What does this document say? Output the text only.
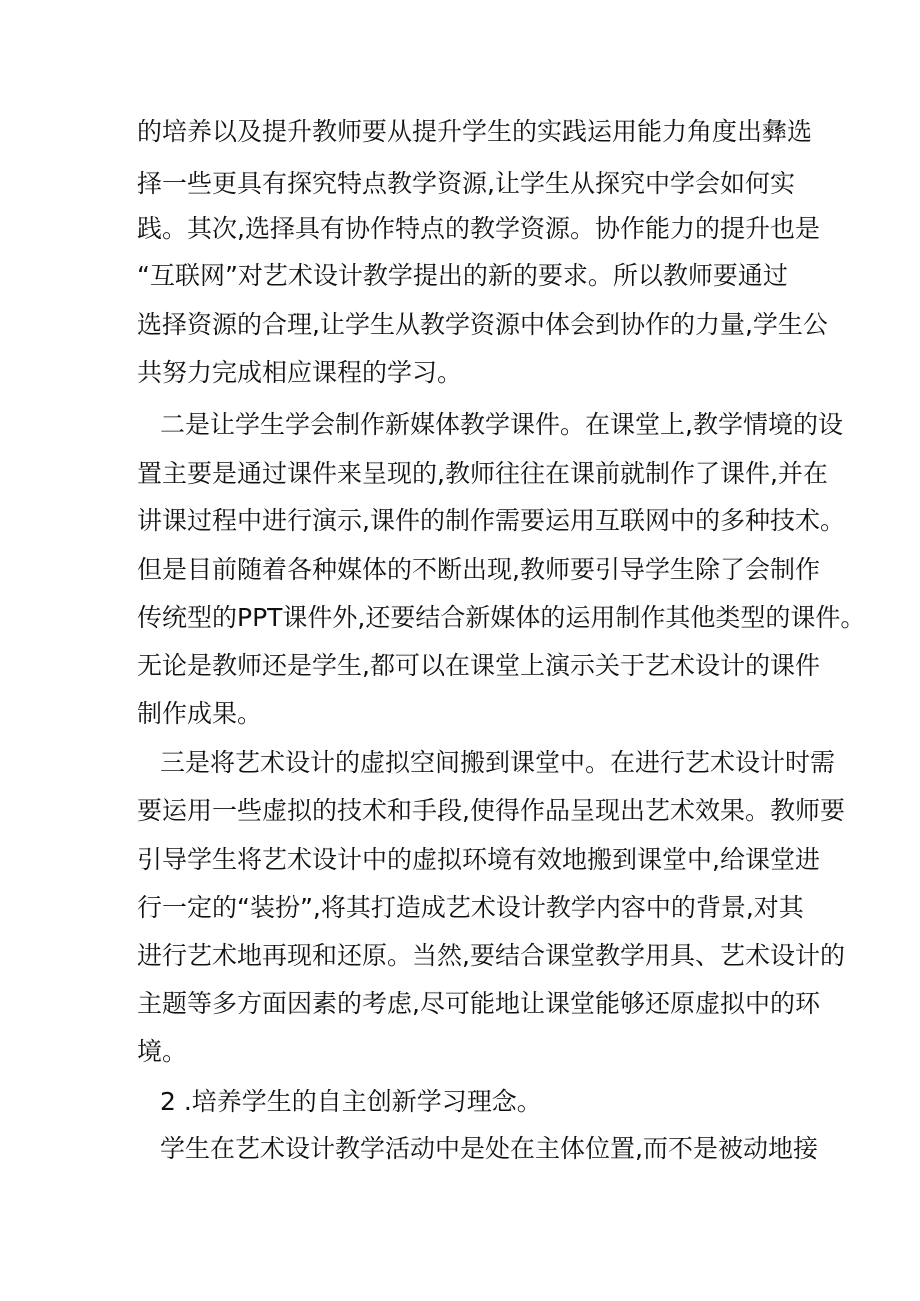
的培养以及提升教师要从提升学生的实践运用能力角度出彝选
择一些更具有探究特点教学资源,让学生从探究中学会如何实
践。其次,选择具有协作特点的教学资源。协作能力的提升也是
“互联网”对艺术设计教学提出的新的要求。所以教师要通过
选择资源的合理,让学生从教学资源中体会到协作的力量,学生公
共努力完成相应课程的学习。
二是让学生学会制作新媒体教学课件。在课堂上,教学情境的设
置主要是通过课件来呈现的,教师往往在课前就制作了课件,并在
讲课过程中进行演示,课件的制作需要运用互联网中的多种技术。
但是目前随着各种媒体的不断出现,教师要引导学生除了会制作
传统型的PPT课件外,还要结合新媒体的运用制作其他类型的课件。
无论是教师还是学生,都可以在课堂上演示关于艺术设计的课件
制作成果。
三是将艺术设计的虚拟空间搬到课堂中。在进行艺术设计时需
要运用一些虚拟的技术和手段,使得作品呈现出艺术效果。教师要
引导学生将艺术设计中的虚拟环境有效地搬到课堂中,给课堂进
行一定的“装扮”,将其打造成艺术设计教学内容中的背景,对其
进行艺术地再现和还原。当然,要结合课堂教学用具、艺术设计的
主题等多方面因素的考虑,尽可能地让课堂能够还原虚拟中的环
境。
2 .培养学生的自主创新学习理念。
学生在艺术设计教学活动中是处在主体位置,而不是被动地接
